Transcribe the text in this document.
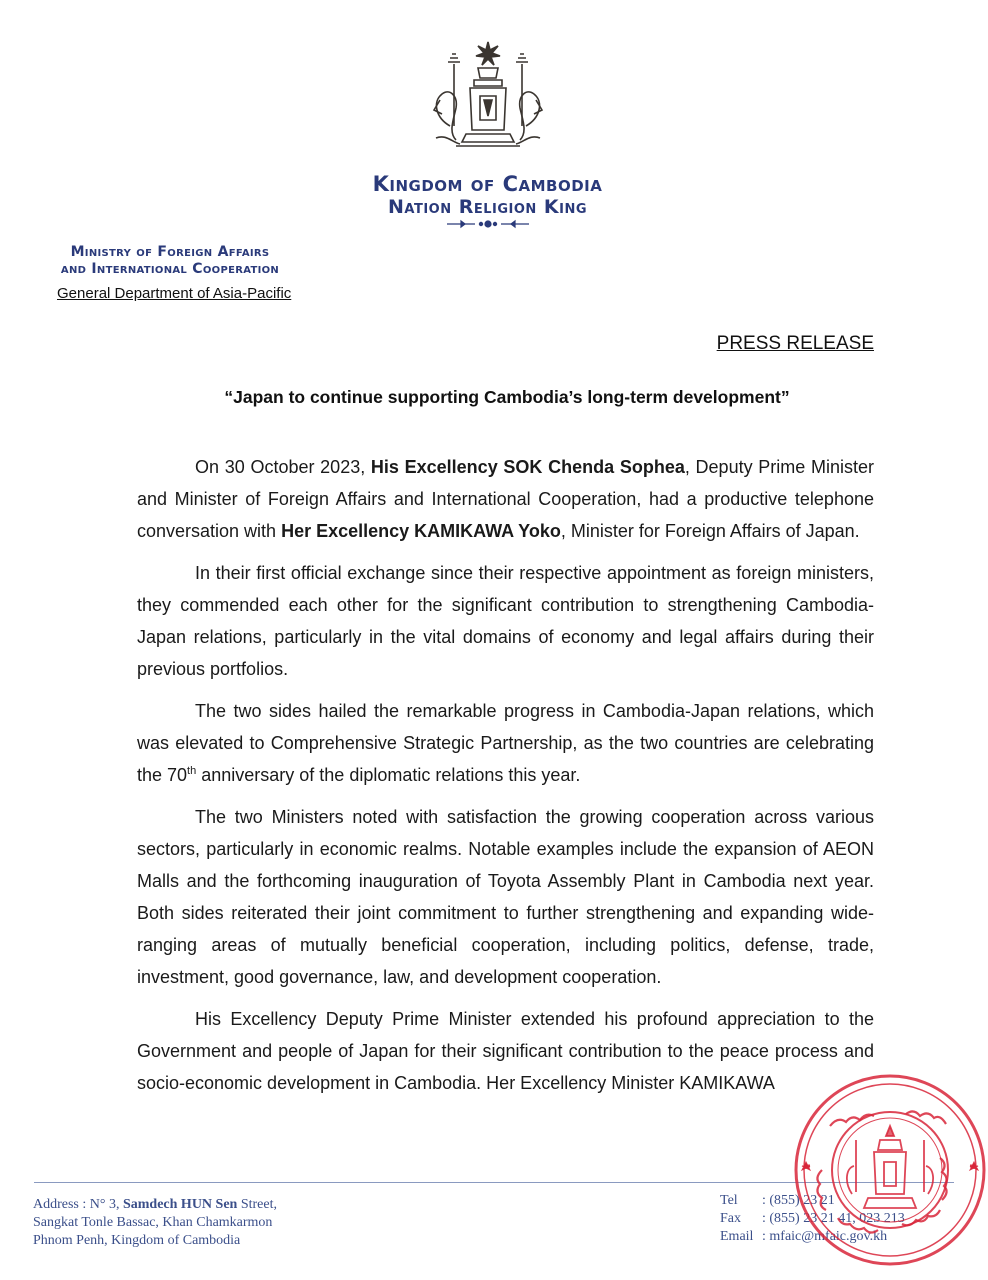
Kingdom of Cambodia
Nation Religion King
Ministry of Foreign Affairs
and International Cooperation
General Department of Asia-Pacific
PRESS RELEASE
“Japan to continue supporting Cambodia’s long-term development”

On 30 October 2023, His Excellency SOK Chenda Sophea, Deputy Prime Minister and Minister of Foreign Affairs and International Cooperation, had a productive telephone conversation with Her Excellency KAMIKAWA Yoko, Minister for Foreign Affairs of Japan.

In their first official exchange since their respective appointment as foreign ministers, they commended each other for the significant contribution to strengthening Cambodia-Japan relations, particularly in the vital domains of economy and legal affairs during their previous portfolios.

The two sides hailed the remarkable progress in Cambodia-Japan relations, which was elevated to Comprehensive Strategic Partnership, as the two countries are celebrating the 70th anniversary of the diplomatic relations this year.

The two Ministers noted with satisfaction the growing cooperation across various sectors, particularly in economic realms. Notable examples include the expansion of AEON Malls and the forthcoming inauguration of Toyota Assembly Plant in Cambodia next year. Both sides reiterated their joint commitment to further strengthening and expanding wide-ranging areas of mutually beneficial cooperation, including politics, defense, trade, investment, good governance, law, and development cooperation.

His Excellency Deputy Prime Minister extended his profound appreciation to the Government and people of Japan for their significant contribution to the peace process and socio-economic development in Cambodia. Her Excellency Minister KAMIKAWA

Address : N° 3, Samdech HUN Sen Street,
Sangkat Tonle Bassac, Khan Chamkarmon
Phnom Penh, Kingdom of Cambodia
Tel	: (855) 23 21
Fax	: (855) 23 21 41, 023 213
Email : mfaic@mfaic.gov.kh
